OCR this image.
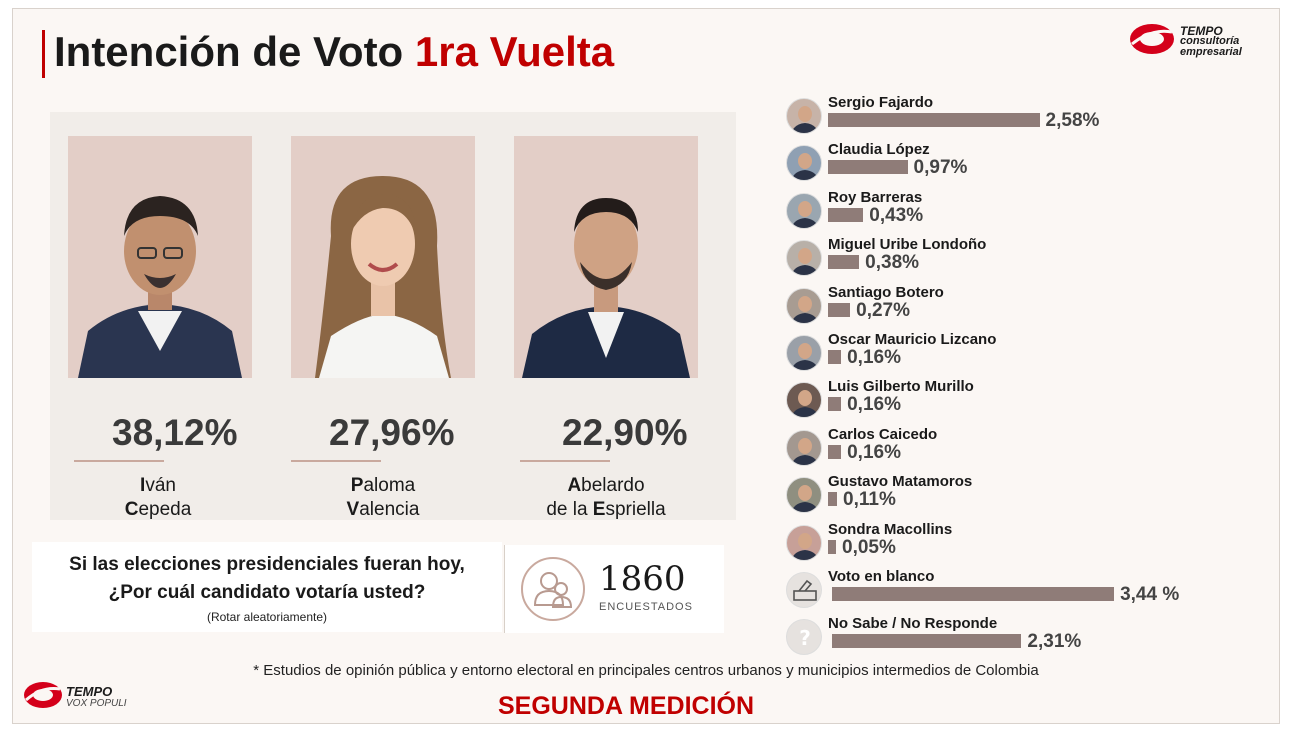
Intención de Voto 1ra Vuelta	TEMPO
consultoría
empresarial
38,12%
Iván
Cepeda
27,96%
Paloma
Valencia
22,90%
Abelardo
de la Espriella
Si las elecciones presidenciales fueran hoy,
¿Por cuál candidato votaría usted?
(Rotar aleatoriamente)
1860
ENCUESTADOS
* Estudios de opinión pública y entorno electoral en principales centros urbanos y municipios intermedios de Colombia
SEGUNDA MEDICIÓN
TEMPO
VOX POPULI
Sergio Fajardo
2,58%
Claudia López
0,97%
Roy Barreras
0,43%
Miguel Uribe Londoño
0,38%
Santiago Botero
0,27%
Oscar Mauricio Lizcano
0,16%
Luis Gilberto Murillo
0,16%
Carlos Caicedo
0,16%
Gustavo Matamoros
0,11%
Sondra Macollins
0,05%
Voto en blanco
3,44 %
?
No Sabe / No Responde
2,31%
